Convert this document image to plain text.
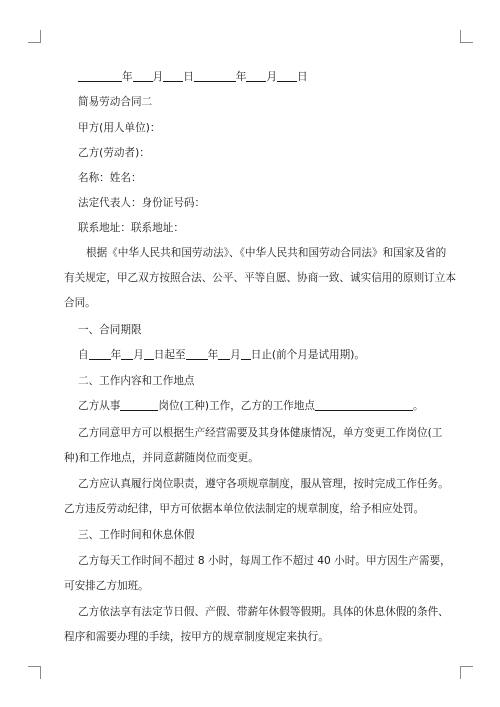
年 月 日	年 月 日
简易劳动合同二
甲方(用人单位)：
乙方(劳动者)：
名称：姓名：
法定代表人：身份证号码：
联系地址：联系地址：
根据《中华人民共和国劳动法》、《中华人民共和国劳动合同法》和国家及省的
有关规定，甲乙双方按照合法、公平、平等自愿、协商一致、诚实信用的原则订立本
合同。
一、合同期限
自 年 月 日起至 年 月 日止(前个月是试用期)。
二、工作内容和工作地点
乙方从事	岗位(工种)工作，乙方的工作地点	。
乙方同意甲方可以根据生产经营需要及其身体健康情况，单方变更工作岗位(工
种)和工作地点，并同意薪随岗位而变更。
乙方应认真履行岗位职责，遵守各项规章制度，服从管理，按时完成工作任务。
乙方违反劳动纪律，甲方可依据本单位依法制定的规章制度，给予相应处罚。
三、工作时间和休息休假
乙方每天工作时间不超过 8 小时，每周工作不超过 40 小时。甲方因生产需要，
可安排乙方加班。
乙方依法享有法定节日假、产假、带薪年休假等假期。具体的休息休假的条件、
程序和需要办理的手续，按甲方的规章制度规定来执行。
